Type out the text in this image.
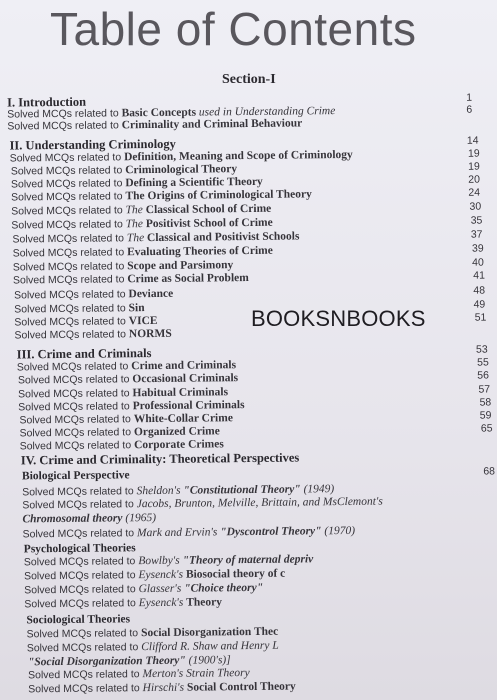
Table of Contents
Section-I
I. Introduction	1
Solved MCQs related to Basic Concepts used in Understanding Crime	6
Solved MCQs related to Criminality and Criminal Behaviour
II. Understanding Criminology	14
Solved MCQs related to Definition, Meaning and Scope of Criminology	19
Solved MCQs related to Criminological Theory	19
Solved MCQs related to Defining a Scientific Theory	20
Solved MCQs related to The Origins of Criminological Theory	24
Solved MCQs related to The Classical School of Crime	30
Solved MCQs related to The Positivist School of Crime	35
Solved MCQs related to The Classical and Positivist Schools	37
Solved MCQs related to Evaluating Theories of Crime	39
Solved MCQs related to Scope and Parsimony	40
Solved MCQs related to Crime as Social Problem	41
Solved MCQs related to Deviance	48
Solved MCQs related to Sin	49
Solved MCQs related to VICE	51
Solved MCQs related to NORMS
III. Crime and Criminals	53
Solved MCQs related to Crime and Criminals	55
Solved MCQs related to Occasional Criminals	56
Solved MCQs related to Habitual Criminals	57
Solved MCQs related to Professional Criminals	58
Solved MCQs related to White-Collar Crime	59
Solved MCQs related to Organized Crime	65
Solved MCQs related to Corporate Crimes
IV. Crime and Criminality: Theoretical Perspectives
Biological Perspective	68
Solved MCQs related to Sheldon's "Constitutional Theory" (1949)
Solved MCQs related to Jacobs, Brunton, Melville, Brittain, and MsClemont's
Chromosomal theory (1965)
Solved MCQs related to Mark and Ervin's "Dyscontrol Theory" (1970)
Psychological Theories
Solved MCQs related to Bowlby's "Theory of maternal depriv
Solved MCQs related to Eysenck's Biosocial theory of c
Solved MCQs related to Glasser's "Choice theory"
Solved MCQs related to Eysenck's Theory
Sociological Theories
Solved MCQs related to Social Disorganization Thec
Solved MCQs related to Clifford R. Shaw and Henry L
"Social Disorganization Theory" (1900's)]
Solved MCQs related to Merton's Strain Theory
Solved MCQs related to Hirschi's Social Control Theory
BOOKSNBOOKS
